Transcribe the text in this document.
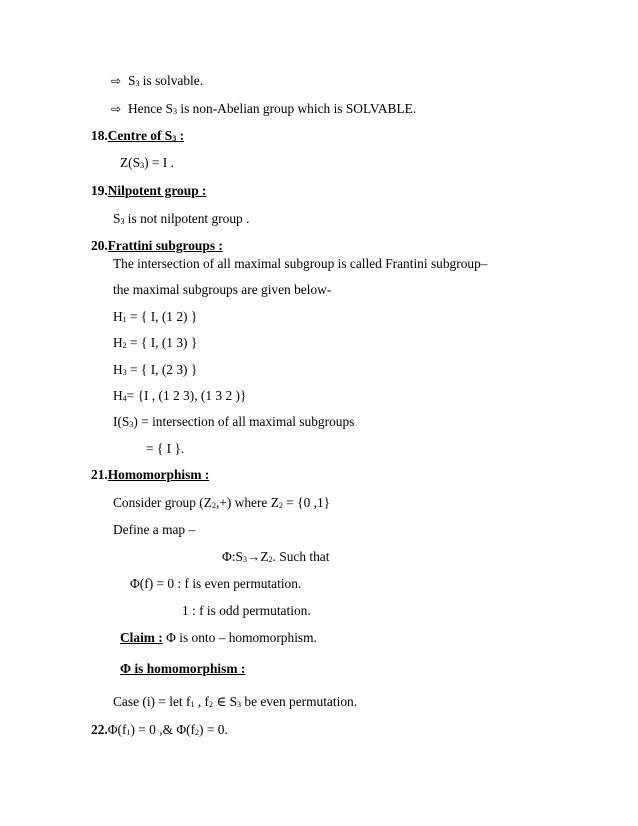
⇨ $S_3$ is solvable.
⇨ Hence $S_3$ is non-Abelian group which is SOLVABLE.
18.Centre of $S_3$ :
$Z(S_3) = I$ .
19.Nilpotent group :
$S_3$ is not nilpotent group .
20.Frattini subgroups :
The intersection of all maximal subgroup is called Frantini subgroup–
the maximal subgroups are given below-
$H_1$ = { I, (1 2) }
$H_2$ = { I, (1 3) }
$H_3$ = { I, (2 3) }
$H_4= \{I$ , (1 2 3), (1 3 2 )}
$I(S_3)$ = intersection of all maximal subgroups
= { I }.
21.Homomorphism :
Consider group $(Z_2,+)$ where $Z_2 = \{0$ ,1}
Define a map –
$\Phi:S_3\to Z_2$. Such that
Φ(f) = 0 : f is even permutation.
1 : f is odd permutation.
Claim : Φ is onto – homomorphism.
Φ is homomorphism :
Case (i) = let $f_1$ , $f_2$ ∈ $S_3$ be even permutation.
$22.\Phi(f_1) = 0$ ,& $\Phi(f_2) = 0$.
